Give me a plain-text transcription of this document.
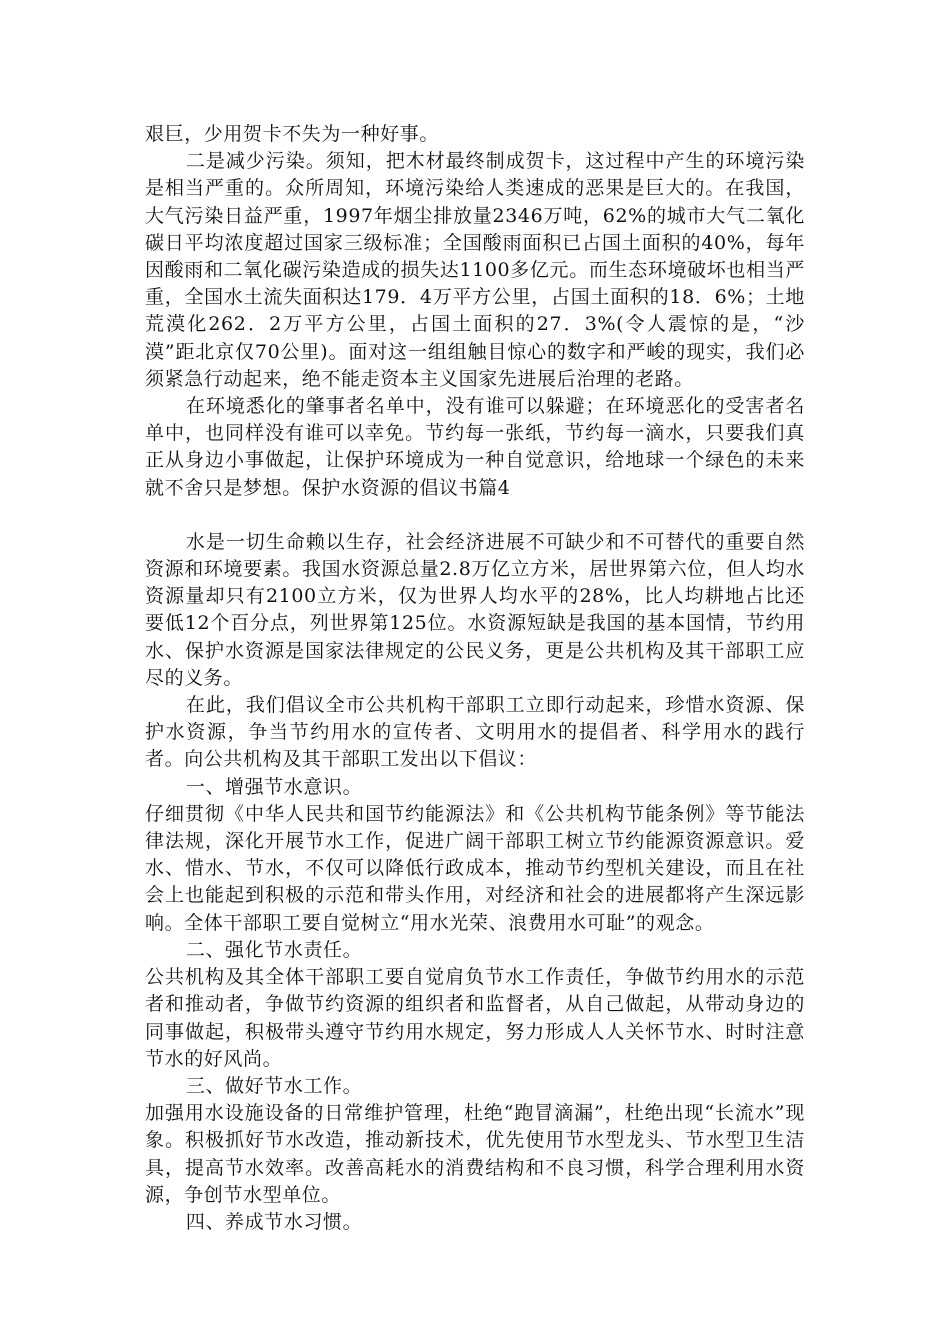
艰巨，少用贺卡不失为一种好事。

二是减少污染。须知，把木材最终制成贺卡，这过程中产生的环境污染是相当严重的。众所周知，环境污染给人类速成的恶果是巨大的。在我国，大气污染日益严重，1997年烟尘排放量2346万吨，62%的城市大气二氧化碳日平均浓度超过国家三级标准；全国酸雨面积已占国土面积的40%，每年因酸雨和二氧化碳污染造成的损失达1100多亿元。而生态环境破坏也相当严重，全国水土流失面积达179．4万平方公里，占国土面积的18．6%；土地荒漠化262．2万平方公里，占国土面积的27．3%(令人震惊的是，“沙漠”距北京仅70公里)。面对这一组组触目惊心的数字和严峻的现实，我们必须紧急行动起来，绝不能走资本主义国家先进展后治理的老路。

在环境悉化的肇事者名单中，没有谁可以躲避；在环境恶化的受害者名单中，也同样没有谁可以幸免。节约每一张纸，节约每一滴水，只要我们真正从身边小事做起，让保护环境成为一种自觉意识，给地球一个绿色的未来就不舍只是梦想。保护水资源的倡议书篇4

水是一切生命赖以生存，社会经济进展不可缺少和不可替代的重要自然资源和环境要素。我国水资源总量2.8万亿立方米，居世界第六位，但人均水资源量却只有2100立方米，仅为世界人均水平的28%，比人均耕地占比还要低12个百分点，列世界第125位。水资源短缺是我国的基本国情，节约用水、保护水资源是国家法律规定的公民义务，更是公共机构及其干部职工应尽的义务。

在此，我们倡议全市公共机构干部职工立即行动起来，珍惜水资源、保护水资源，争当节约用水的宣传者、文明用水的提倡者、科学用水的践行者。向公共机构及其干部职工发出以下倡议：

一、增强节水意识。

仔细贯彻《中华人民共和国节约能源法》和《公共机构节能条例》等节能法律法规，深化开展节水工作，促进广阔干部职工树立节约能源资源意识。爱水、惜水、节水，不仅可以降低行政成本，推动节约型机关建设，而且在社会上也能起到积极的示范和带头作用，对经济和社会的进展都将产生深远影响。全体干部职工要自觉树立“用水光荣、浪费用水可耻”的观念。

二、强化节水责任。

公共机构及其全体干部职工要自觉肩负节水工作责任，争做节约用水的示范者和推动者，争做节约资源的组织者和监督者，从自己做起，从带动身边的同事做起，积极带头遵守节约用水规定，努力形成人人关怀节水、时时注意节水的好风尚。

三、做好节水工作。

加强用水设施设备的日常维护管理，杜绝“跑冒滴漏”，杜绝出现“长流水”现象。积极抓好节水改造，推动新技术，优先使用节水型龙头、节水型卫生洁具，提高节水效率。改善高耗水的消费结构和不良习惯，科学合理利用水资源，争创节水型单位。

四、养成节水习惯。
